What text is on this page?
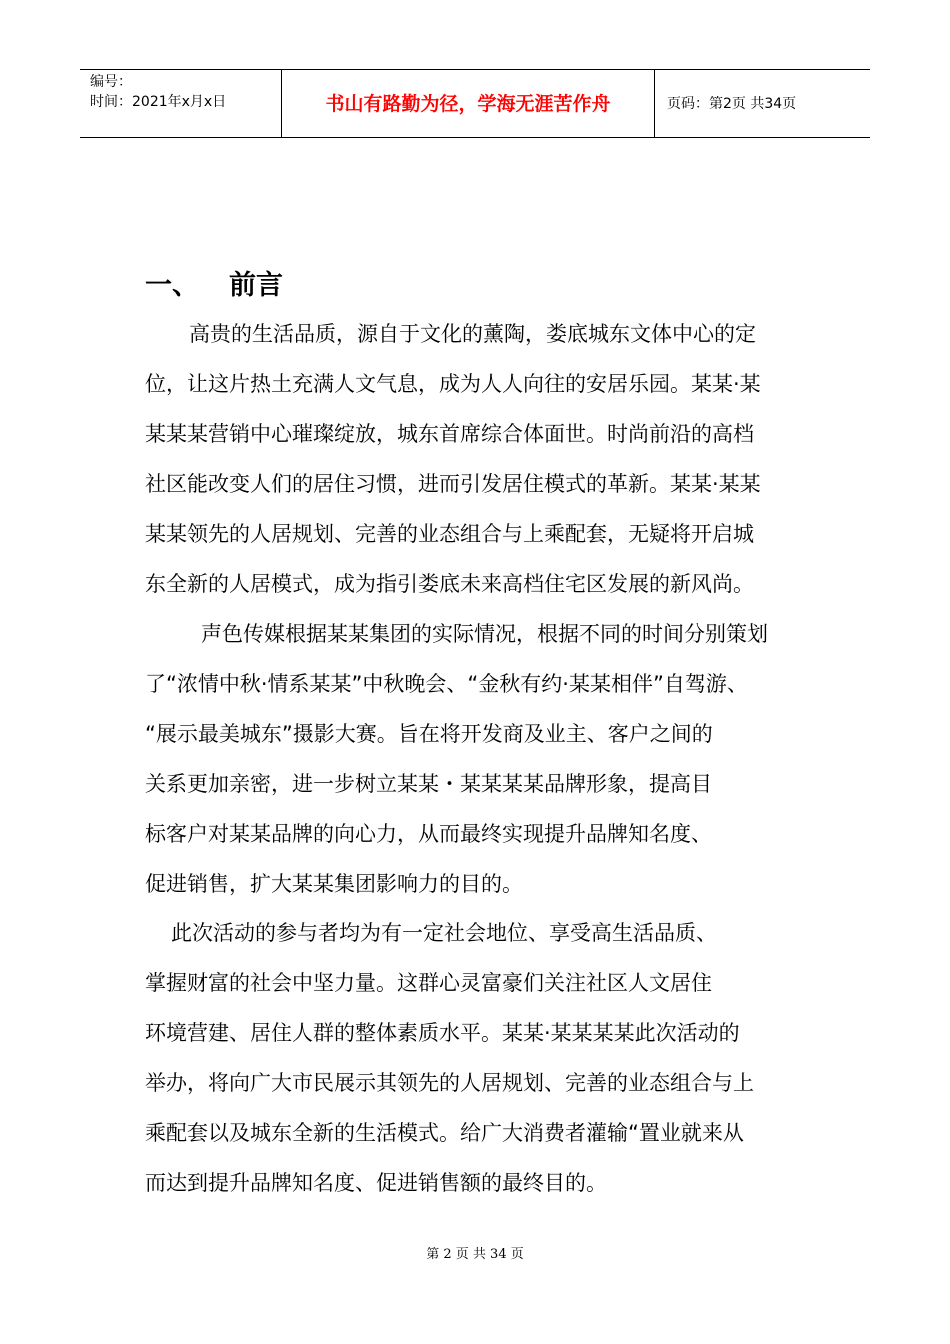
编号：
时间：2021年x月x日	书山有路勤为径，学海无涯苦作舟	页码：第2页 共34页
一、 前言
高贵的生活品质，源自于文化的薰陶，娄底城东文体中心的定
位，让这片热土充满人文气息，成为人人向往的安居乐园。某某·某
某某某营销中心璀璨绽放，城东首席综合体面世。时尚前沿的高档
社区能改变人们的居住习惯，进而引发居住模式的革新。某某·某某
某某领先的人居规划、完善的业态组合与上乘配套，无疑将开启城
东全新的人居模式，成为指引娄底未来高档住宅区发展的新风尚。
声色传媒根据某某集团的实际情况，根据不同的时间分别策划
了“浓情中秋·情系某某”中秋晚会、“金秋有约·某某相伴”自驾游、
“展示最美城东”摄影大赛。旨在将开发商及业主、客户之间的
关系更加亲密，进一步树立某某・某某某某品牌形象，提高目
标客户对某某品牌的向心力，从而最终实现提升品牌知名度、
促进销售，扩大某某集团影响力的目的。
此次活动的参与者均为有一定社会地位、享受高生活品质、
掌握财富的社会中坚力量。这群心灵富豪们关注社区人文居住
环境营建、居住人群的整体素质水平。某某·某某某某此次活动的
举办，将向广大市民展示其领先的人居规划、完善的业态组合与上
乘配套以及城东全新的生活模式。给广大消费者灌输“置业就来从
而达到提升品牌知名度、促进销售额的最终目的。
第 2 页 共 34 页
